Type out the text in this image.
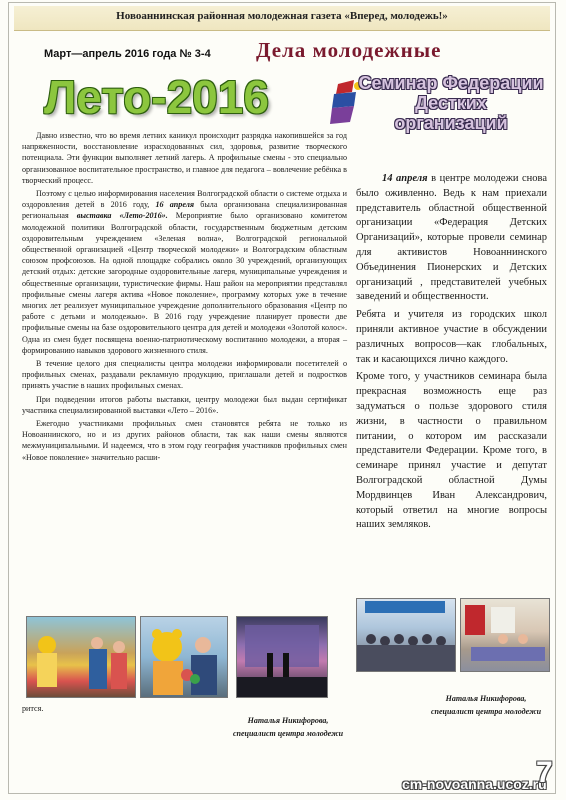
Новоаннинская районная молодежная газета «Вперед, молодежь!»
Март—апрель 2016 года № 3-4 Дела молодежные
Лето-2016	Семинар Федерации Дестких организаций

Давно известно, что во время летних каникул происходит разрядка накопившейся за год напряженности, восстановление израсходованных сил, здоровья, развитие творческого потенциала. Эти функции выполняет летний лагерь. А профильные смены - это специально организованное воспитательное пространство, и главное для педагога – вовлечение ребёнка в творческий процесс.

Поэтому с целью информирования населения Волгоградской области о системе отдыха и оздоровления детей в 2016 году, 16 апреля была организована специализированная региональная выставка «Лето-2016». Мероприятие было организовано комитетом молодежной политики Волгоградской области, государственным бюджетным детским оздоровительным учреждением «Зеленая волна», Волгоградской региональной общественной организацией «Центр творческой молодежи» и Волгоградским областным союзом профсоюзов. На одной площадке собрались около 30 учреждений, организующих детский отдых: детские загородные оздоровительные лагеря, муниципальные учреждения и общественные организации, туристические фирмы. Наш район на мероприятии представлял профильные смены лагеря актива «Новое поколение», программу которых уже в течение многих лет реализует муниципальное учреждение дополнительного образования «Центр по работе с детьми и молодежью». В 2016 году учреждение планирует провести две профильные смены на базе оздоровительного центра для детей и молодежи «Золотой колос». Одна из смен будет посвящена военно-патриотическому воспитанию молодежи, а вторая – формированию навыков здорового жизненного стиля.

В течение целого дня специалисты центра молодежи информировали посетителей о профильных сменах, раздавали рекламную продукцию, приглашали детей и подростков принять участие в наших профильных сменах.

При подведении итогов работы выставки, центру молодежи был выдан сертификат участника специализированной выставки «Лето – 2016».

Ежегодно участниками профильных смен становятся ребята не только из Новоаннинского, но и из других районов области, так как наши смены являются межмуниципальными. И надеемся, что в этом году география участников профильных смен «Новое поколение» значительно расши-

рится.
Наталья Никифорова,
специалист центра молодежи

14 апреля в центре молодежи снова было оживленно. Ведь к нам приехали представитель областной общественной организации «Федерация Детских Организаций», которые провели семинар для активистов Новоаннинского Объединения Пионерских и Детских организаций , представителей учебных заведений и общественности.

Ребята и учителя из городских школ приняли активное участие в обсуждении различных вопросов—как глобальных, так и касающихся лично каждого.

Кроме того, у участников семинара была прекрасная возможность еще раз задуматься о пользе здорового стиля жизни, в частности о правильном питании, о котором им рассказали представители Федерации. Кроме того, в семинаре принял участие и депутат Волгоградской областной Думы Мордвинцев Иван Александрович, который ответил на многие вопросы наших земляков.

Наталья Никифорова,
специалист центра молодежи
cm-novoanna.ucoz.ru
7
